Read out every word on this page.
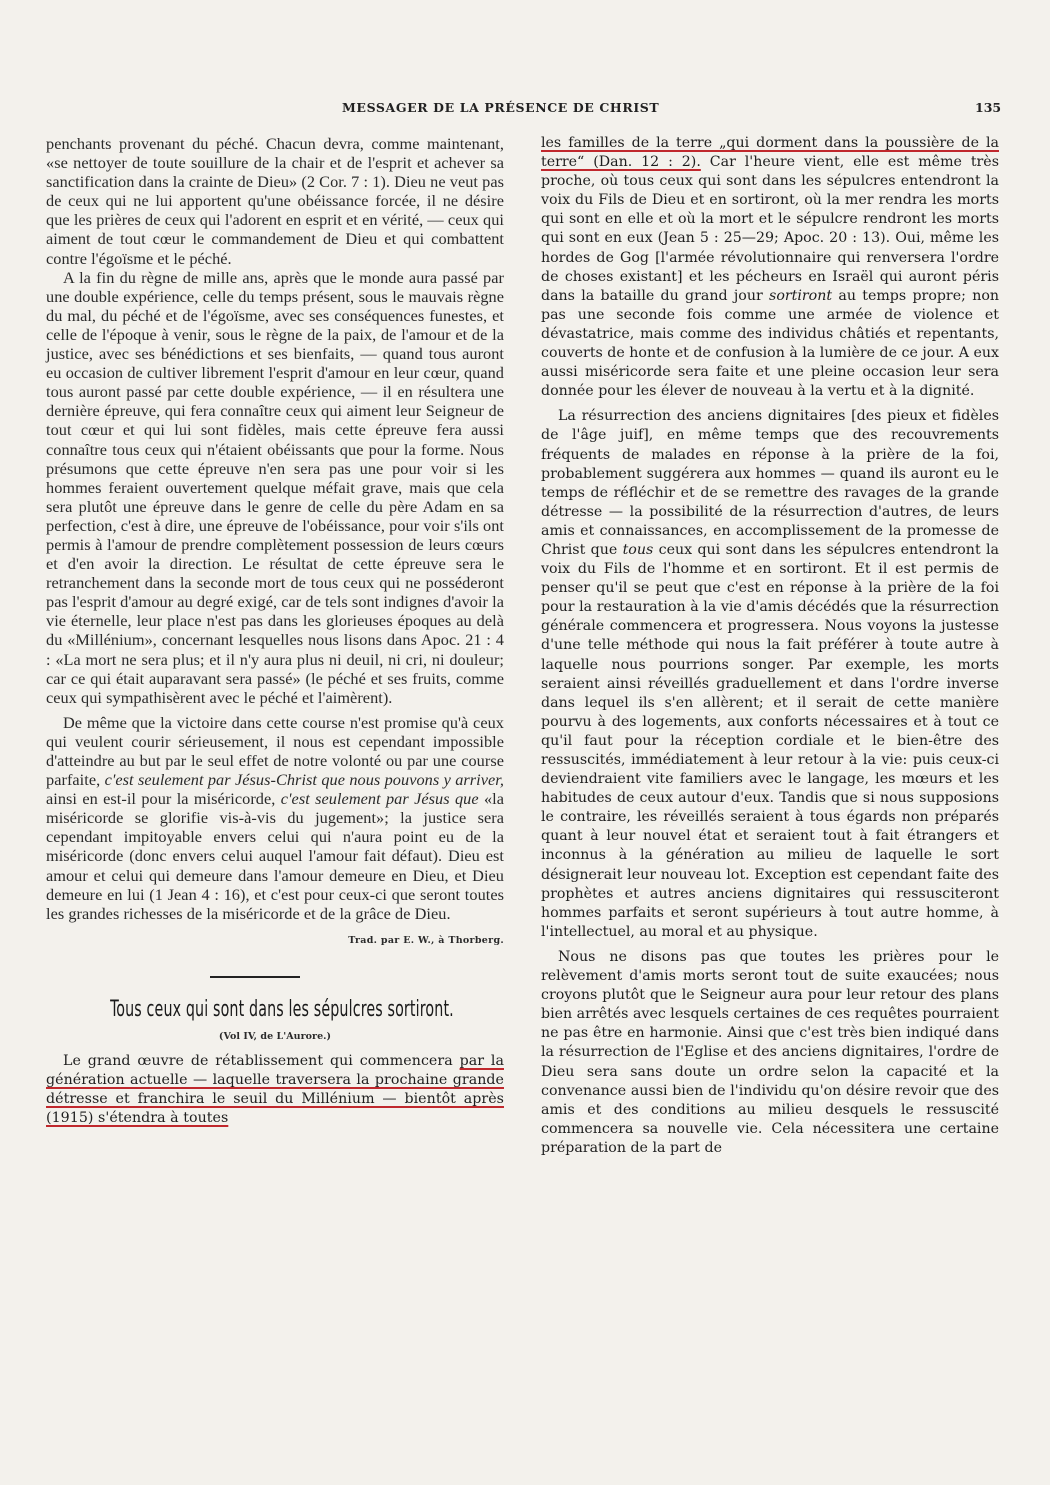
MESSAGER DE LA PRÉSENCE DE CHRIST	135

penchants provenant du péché. Chacun devra, comme maintenant, «se nettoyer de toute souillure de la chair et de l'esprit et achever sa sanctification dans la crainte de Dieu» (2 Cor. 7 : 1). Dieu ne veut pas de ceux qui ne lui apportent qu'une obéissance forcée, il ne désire que les prières de ceux qui l'adorent en esprit et en vérité, — ceux qui aiment de tout cœur le commandement de Dieu et qui combattent contre l'égoïsme et le péché.

A la fin du règne de mille ans, après que le monde aura passé par une double expérience, celle du temps présent, sous le mauvais règne du mal, du péché et de l'égoïsme, avec ses conséquences funestes, et celle de l'époque à venir, sous le règne de la paix, de l'amour et de la justice, avec ses bénédictions et ses bienfaits, — quand tous auront eu occasion de cultiver librement l'esprit d'amour en leur cœur, quand tous auront passé par cette double expérience, — il en résultera une dernière épreuve, qui fera connaître ceux qui aiment leur Seigneur de tout cœur et qui lui sont fidèles, mais cette épreuve fera aussi connaître tous ceux qui n'étaient obéissants que pour la forme. Nous présumons que cette épreuve n'en sera pas une pour voir si les hommes feraient ouvertement quelque méfait grave, mais que cela sera plutôt une épreuve dans le genre de celle du père Adam en sa perfection, c'est à dire, une épreuve de l'obéissance, pour voir s'ils ont permis à l'amour de prendre complètement possession de leurs cœurs et d'en avoir la direction. Le résultat de cette épreuve sera le retranchement dans la seconde mort de tous ceux qui ne posséderont pas l'esprit d'amour au degré exigé, car de tels sont indignes d'avoir la vie éternelle, leur place n'est pas dans les glorieuses époques au delà du «Millénium», concernant lesquelles nous lisons dans Apoc. 21 : 4 : «La mort ne sera plus; et il n'y aura plus ni deuil, ni cri, ni douleur; car ce qui était auparavant sera passé» (le péché et ses fruits, comme ceux qui sympathisèrent avec le péché et l'aimèrent).

De même que la victoire dans cette course n'est promise qu'à ceux qui veulent courir sérieusement, il nous est cependant impossible d'atteindre au but par le seul effet de notre volonté ou par une course parfaite, c'est seulement par Jésus-Christ que nous pouvons y arriver, ainsi en est-il pour la miséricorde, c'est seulement par Jésus que «la miséricorde se glorifie vis-à-vis du jugement»; la justice sera cependant impitoyable envers celui qui n'aura point eu de la miséricorde (donc envers celui auquel l'amour fait défaut). Dieu est amour et celui qui demeure dans l'amour demeure en Dieu, et Dieu demeure en lui (1 Jean 4 : 16), et c'est pour ceux-ci que seront toutes les grandes richesses de la miséricorde et de la grâce de Dieu.

Trad. par E. W., à Thorberg.
Tous ceux qui sont dans les sépulcres sortiront.
(Vol IV, de L'Aurore.)

Le grand œuvre de rétablissement qui commencera par la génération actuelle — laquelle traversera la prochaine grande détresse et franchira le seuil du Millénium — bientôt après (1915) s'étendra à toutes

les familles de la terre „qui dorment dans la poussière de la terre“ (Dan. 12 : 2). Car l'heure vient, elle est même très proche, où tous ceux qui sont dans les sépulcres entendront la voix du Fils de Dieu et en sortiront, où la mer rendra les morts qui sont en elle et où la mort et le sépulcre rendront les morts qui sont en eux (Jean 5 : 25—29; Apoc. 20 : 13). Oui, même les hordes de Gog [l'armée révolutionnaire qui renversera l'ordre de choses existant] et les pécheurs en Israël qui auront péris dans la bataille du grand jour sortiront au temps propre; non pas une seconde fois comme une armée de violence et dévastatrice, mais comme des individus châtiés et repentants, couverts de honte et de confusion à la lumière de ce jour. A eux aussi miséricorde sera faite et une pleine occasion leur sera donnée pour les élever de nouveau à la vertu et à la dignité.

La résurrection des anciens dignitaires [des pieux et fidèles de l'âge juif], en même temps que des recouvrements fréquents de malades en réponse à la prière de la foi, probablement suggérera aux hommes — quand ils auront eu le temps de réfléchir et de se remettre des ravages de la grande détresse — la possibilité de la résurrection d'autres, de leurs amis et connaissances, en accomplissement de la promesse de Christ que tous ceux qui sont dans les sépulcres entendront la voix du Fils de l'homme et en sortiront. Et il est permis de penser qu'il se peut que c'est en réponse à la prière de la foi pour la restauration à la vie d'amis décédés que la résurrection générale commencera et progressera. Nous voyons la justesse d'une telle méthode qui nous la fait préférer à toute autre à laquelle nous pourrions songer. Par exemple, les morts seraient ainsi réveillés graduellement et dans l'ordre inverse dans lequel ils s'en allèrent; et il serait de cette manière pourvu à des logements, aux conforts nécessaires et à tout ce qu'il faut pour la réception cordiale et le bien-être des ressuscités, immédiatement à leur retour à la vie: puis ceux-ci deviendraient vite familiers avec le langage, les mœurs et les habitudes de ceux autour d'eux. Tandis que si nous supposions le contraire, les réveillés seraient à tous égards non préparés quant à leur nouvel état et seraient tout à fait étrangers et inconnus à la génération au milieu de laquelle le sort désignerait leur nouveau lot. Exception est cependant faite des prophètes et autres anciens dignitaires qui ressusciteront hommes parfaits et seront supérieurs à tout autre homme, à l'intellectuel, au moral et au physique.

Nous ne disons pas que toutes les prières pour le relèvement d'amis morts seront tout de suite exaucées; nous croyons plutôt que le Seigneur aura pour leur retour des plans bien arrêtés avec lesquels certaines de ces requêtes pourraient ne pas être en harmonie. Ainsi que c'est très bien indiqué dans la résurrection de l'Eglise et des anciens dignitaires, l'ordre de Dieu sera sans doute un ordre selon la capacité et la convenance aussi bien de l'individu qu'on désire revoir que des amis et des conditions au milieu desquels le ressuscité commencera sa nouvelle vie. Cela nécessitera une certaine préparation de la part de
